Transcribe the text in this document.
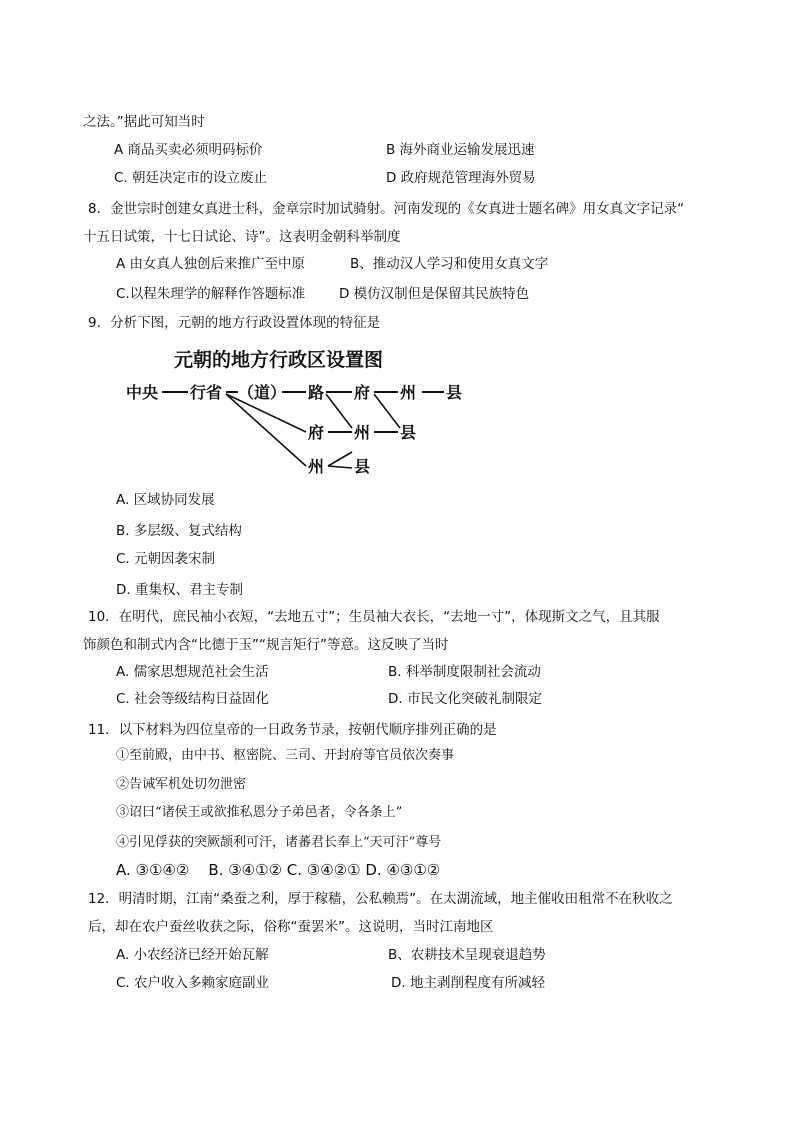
之法。”据此可知当时
A 商品买卖必须明码标价	B 海外商业运输发展迅速
C. 朝廷决定市的设立废止	D 政府规范管理海外贸易
8．金世宗时创建女真进士科，金章宗时加试骑射。河南发现的《女真进士题名碑》用女真文字记录“
十五日试策，十七日试论、诗”。这表明金朝科举制度
A 由女真人独创后来推广至中原	B、推动汉人学习和使用女真文字
C.以程朱理学的解释作答题标准	D 模仿汉制但是保留其民族特色
9．分析下图，元朝的地方行政设置体现的特征是
元朝的地方行政区设置图
中央 行省 （道） 路 府 州 县
府 州 县
州 县
A. 区域协同发展
B. 多层级、复式结构
C. 元朝因袭宋制
D. 重集权、君主专制
10．在明代，庶民袖小衣短，“去地五寸”；生员袖大衣长，“去地一寸”，体现斯文之气，且其服
饰颜色和制式内含“比德于玉”“规言矩行”等意。这反映了当时
A. 儒家思想规范社会生活	B. 科举制度限制社会流动
C. 社会等级结构日益固化	D. 市民文化突破礼制限定
11．以下材料为四位皇帝的一日政务节录，按朝代顺序排列正确的是
①至前殿，由中书、枢密院、三司、开封府等官员依次奏事
②告诫军机处切勿泄密
③诏曰“诸侯王或欲推私恩分子弟邑者，令各条上”
④引见俘获的突厥颉利可汗，诸蕃君长奉上“天可汗”尊号
A. ③①④②    B. ③④①② C. ③④②① D. ④③①②
12．明清时期，江南“桑蚕之利，厚于稼穑，公私赖焉”。在太湖流域，地主催收田租常不在秋收之
后，却在农户蚕丝收获之际，俗称“蚕罢米”。这说明，当时江南地区
A. 小农经济已经开始瓦解	B、农耕技术呈现衰退趋势
C. 农户收入多赖家庭副业	D. 地主剥削程度有所减轻
